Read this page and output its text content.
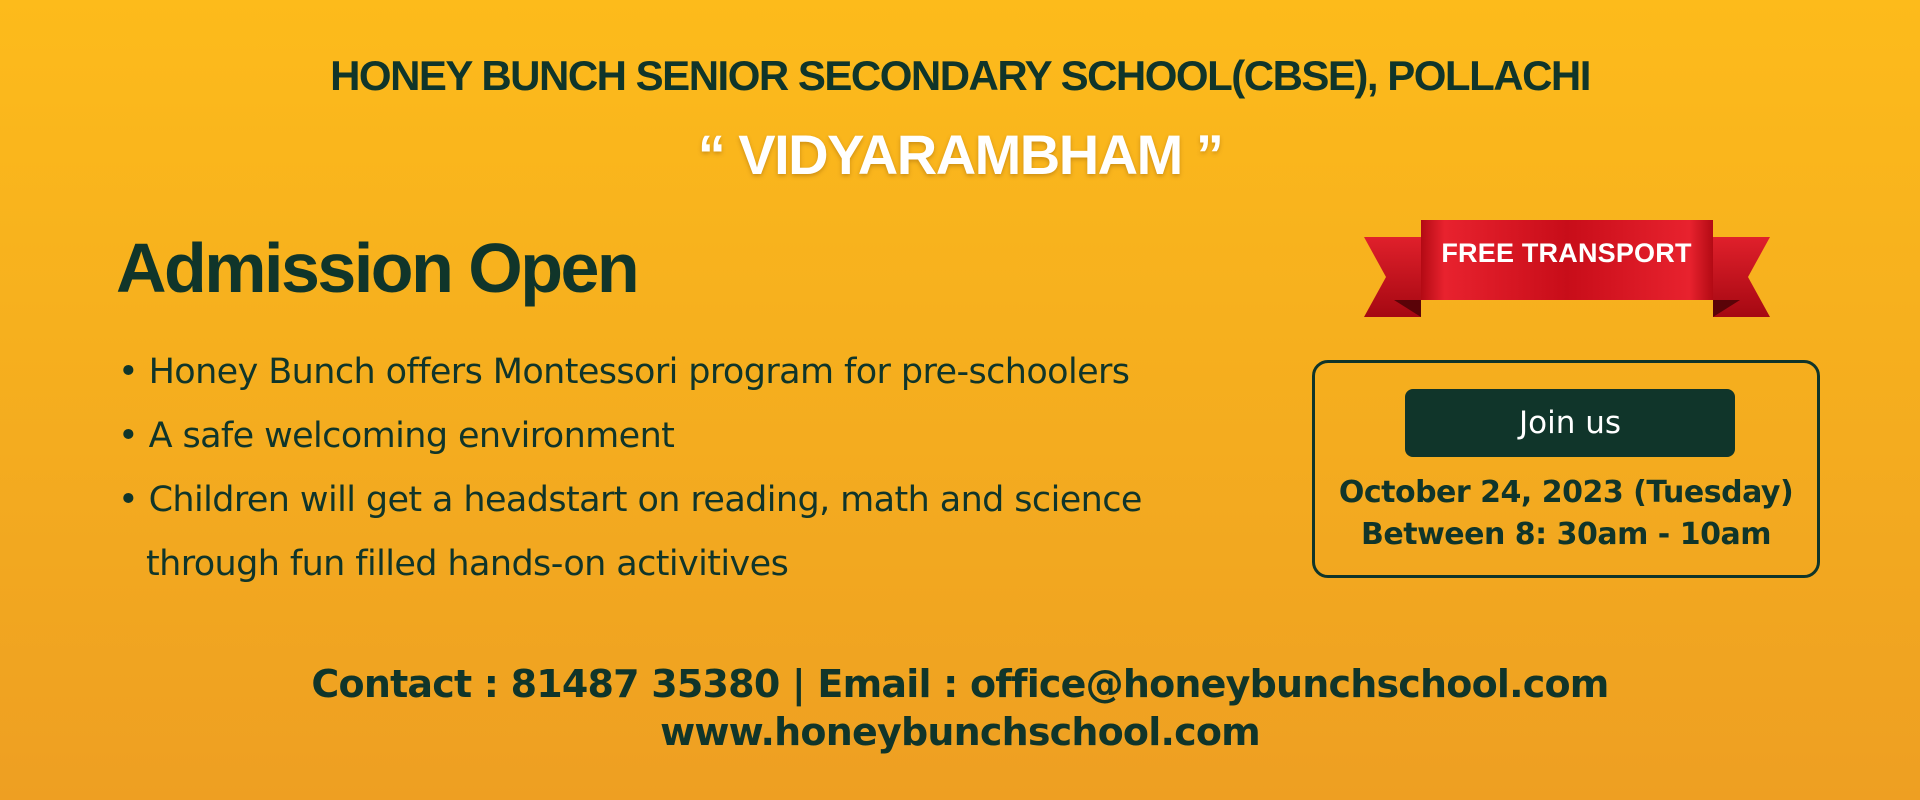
HONEY BUNCH SENIOR SECONDARY SCHOOL(CBSE), POLLACHI
“ VIDYARAMBHAM ”
Admission Open
• Honey Bunch offers Montessori program for pre-schoolers
• A safe welcoming environment
• Children will get a headstart on reading, math and science
through fun filled hands-on activitives
FREE TRANSPORT
Join us
October 24, 2023 (Tuesday)
Between 8: 30am - 10am
Contact : 81487 35380 | Email : office@honeybunchschool.com
www.honeybunchschool.com
